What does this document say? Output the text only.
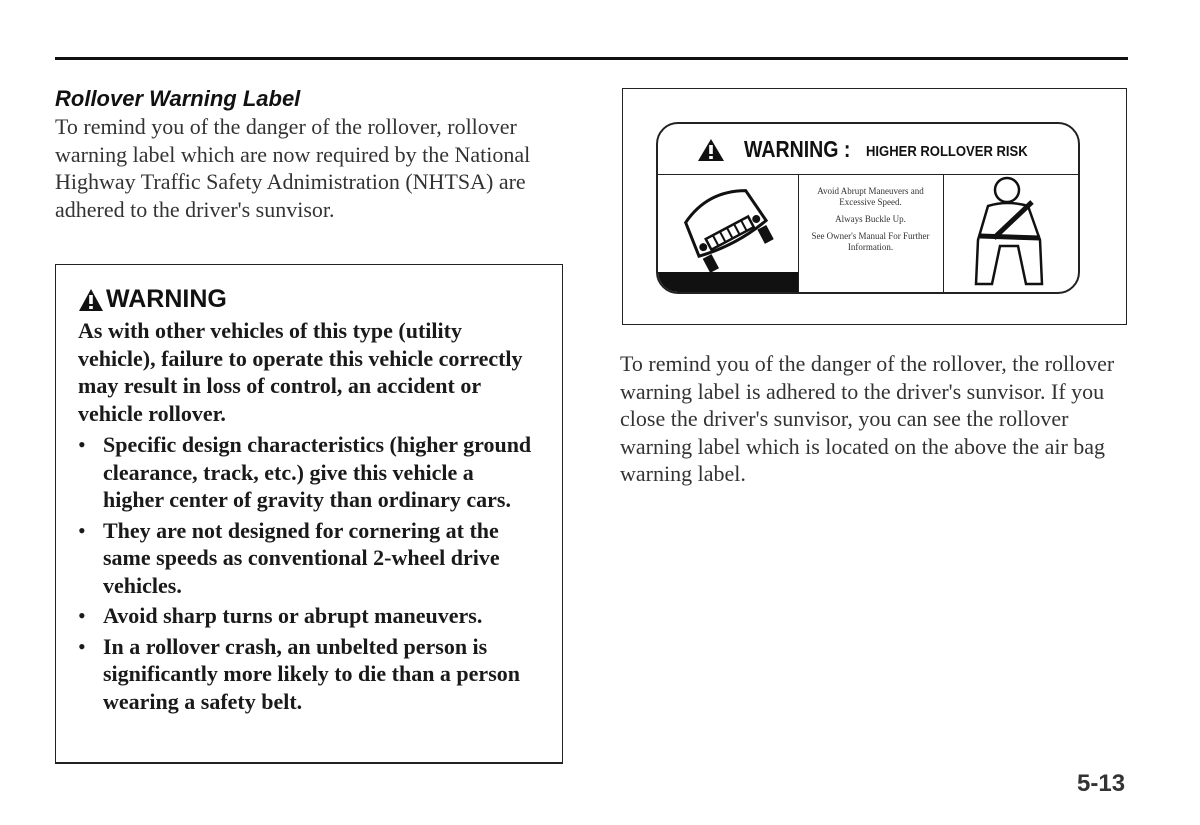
Rollover Warning Label
To remind you of the danger of the rollover, rollover warning label which are now required by the National Highway Traffic Safety Adnimistration (NHTSA) are adhered to the driver's sunvisor.
WARNING
As with other vehicles of this type (utility vehicle), failure to operate this vehicle correctly may result in loss of control, an accident or vehicle rollover.
• Specific design characteristics (higher ground clearance, track, etc.) give this vehicle a higher center of gravity than ordinary cars.
• They are not designed for cornering at the same speeds as conventional 2-wheel drive vehicles.
• Avoid sharp turns or abrupt maneuvers.
• In a rollover crash, an unbelted person is significantly more likely to die than a person wearing a safety belt.
WARNING : HIGHER ROLLOVER RISK
Avoid Abrupt Maneuvers and Excessive Speed.
Always Buckle Up.
See Owner's Manual For Further Information.
To remind you of the danger of the rollover, the rollover warning label is adhered to the driver's sunvisor. If you close the driver's sunvisor, you can see the rollover warning label which is located on the above the air bag warning label.
5-13
